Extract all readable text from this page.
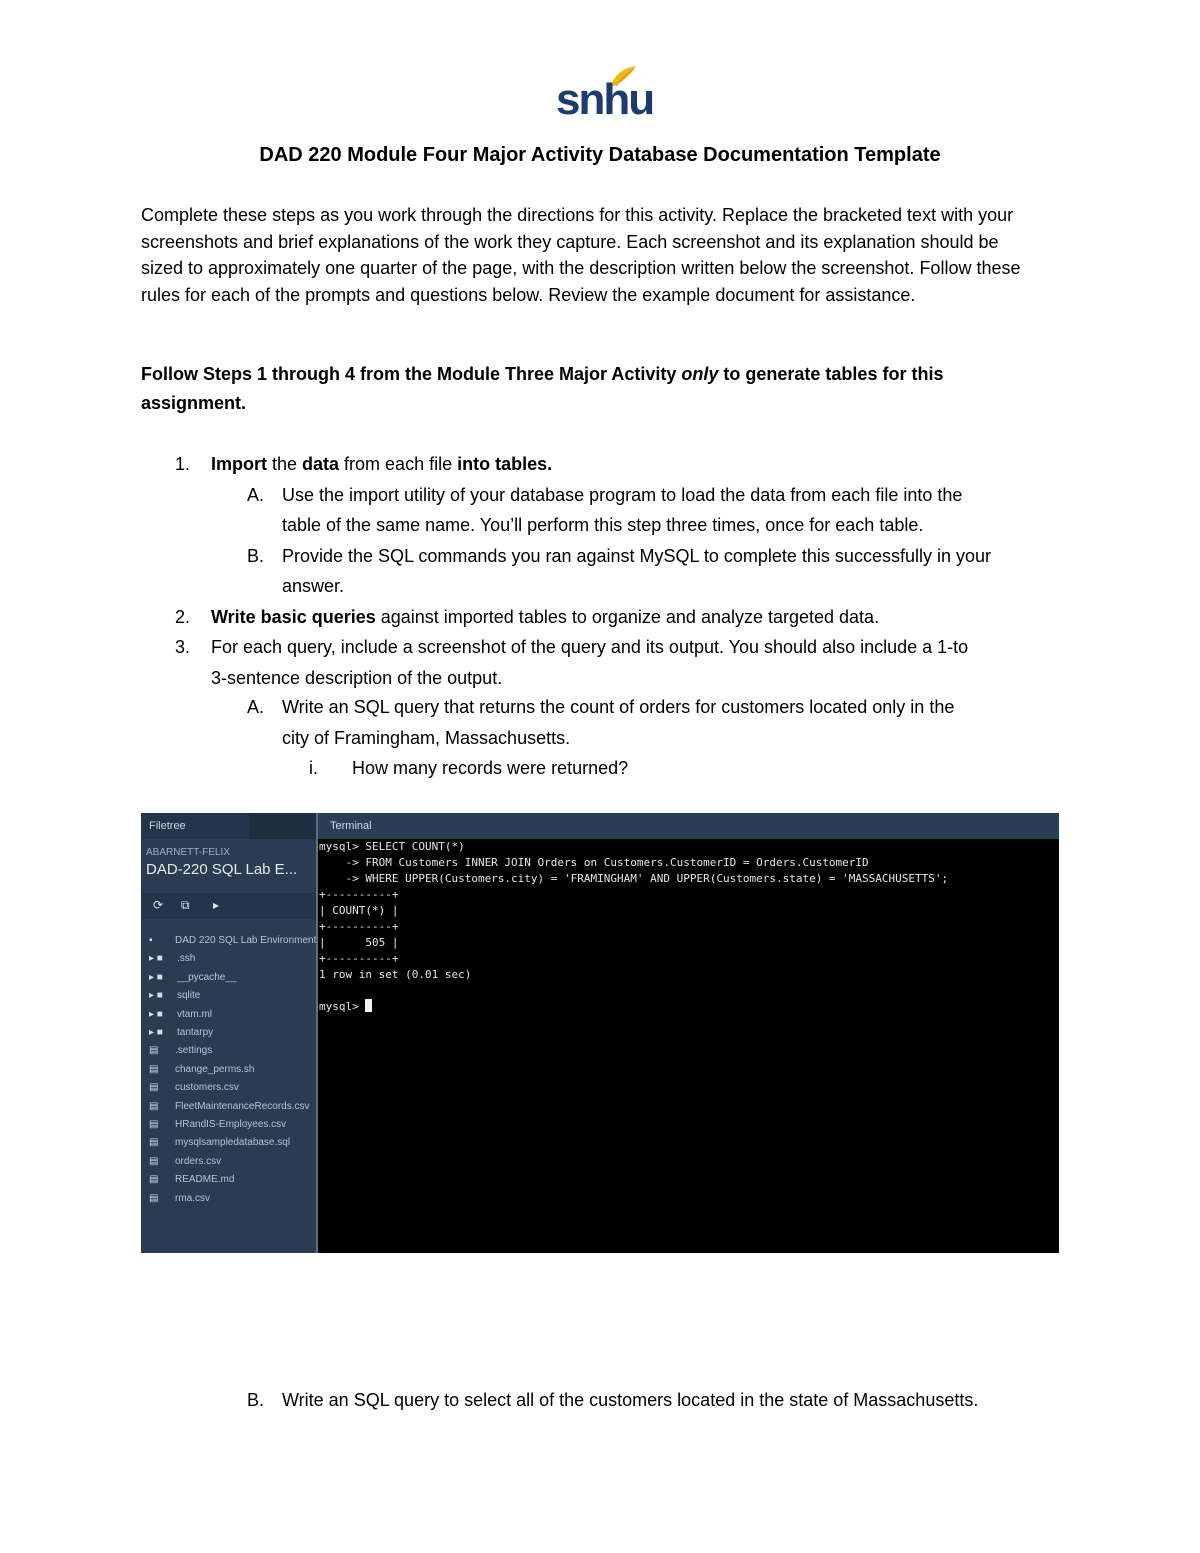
snhu
DAD 220 Module Four Major Activity Database Documentation Template
Complete these steps as you work through the directions for this activity. Replace the bracketed text with your screenshots and brief explanations of the work they capture. Each screenshot and its explanation should be sized to approximately one quarter of the page, with the description written below the screenshot. Follow these rules for each of the prompts and questions below. Review the example document for assistance.
Follow Steps 1 through 4 from the Module Three Major Activity only to generate tables for this assignment.
1. Import the data from each file into tables.
A. Use the import utility of your database program to load the data from each file into the
table of the same name. You’ll perform this step three times, once for each table.
B. Provide the SQL commands you ran against MySQL to complete this successfully in your
answer.
2. Write basic queries against imported tables to organize and analyze targeted data.
3. For each query, include a screenshot of the query and its output. You should also include a 1-to
3-sentence description of the output.
A. Write an SQL query that returns the count of orders for customers located only in the
city of Framingham, Massachusetts.
i. How many records were returned?
Filetree
ABARNETT-FELIX
DAD-220 SQL Lab E...
⟳ ⧉ ▸
▪ DAD 220 SQL Lab Environment
▸ ■ .ssh
▸ ■ __pycache__
▸ ■ sqlite
▸ ■ vtam.ml
▸ ■ tantarpy
▤ .settings
▤ change_perms.sh
▤ customers.csv
▤ FleetMaintenanceRecords.csv
▤ HRandIS-Employees.csv
▤ mysqlsampledatabase.sql
▤ orders.csv
▤ README.md
▤ rma.csv
Terminal
mysql> SELECT COUNT(*)
-> FROM Customers INNER JOIN Orders on Customers.CustomerID = Orders.CustomerID
-> WHERE UPPER(Customers.city) = 'FRAMINGHAM' AND UPPER(Customers.state) = 'MASSACHUSETTS';
+----------+
| COUNT(*) |
+----------+
|      505 |
+----------+
1 row in set (0.01 sec)
mysql>
B. Write an SQL query to select all of the customers located in the state of Massachusetts.
